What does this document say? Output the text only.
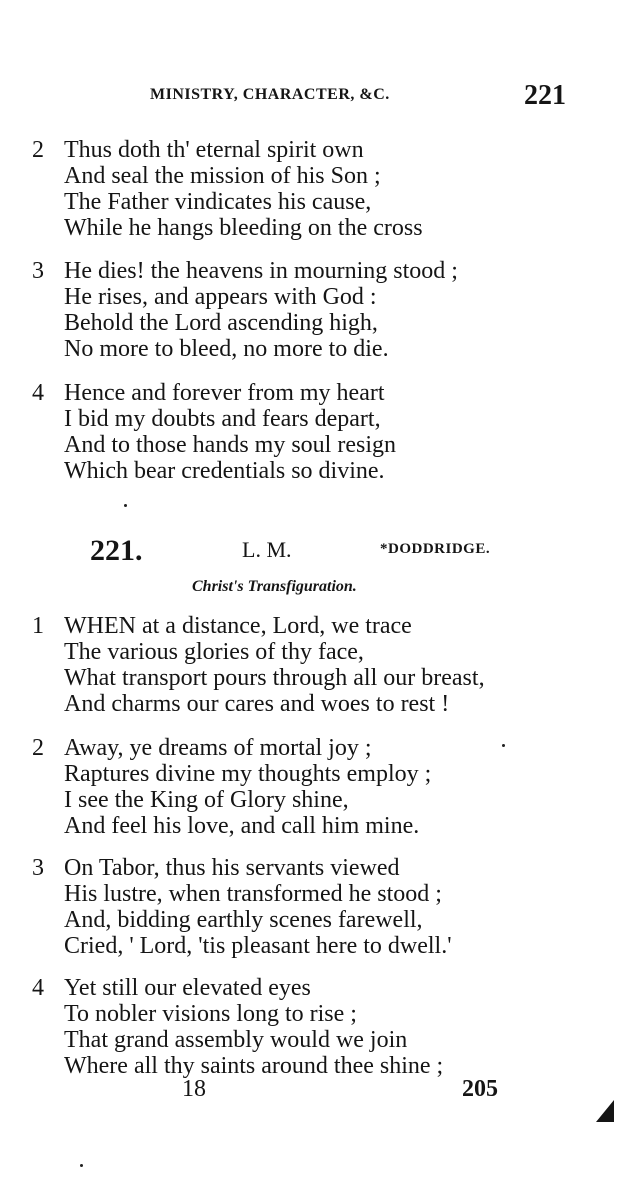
MINISTRY, CHARACTER, &C.	221
2 Thus doth th' eternal spirit own
And seal the mission of his Son ;
The Father vindicates his cause,
While he hangs bleeding on the cross
3 He dies! the heavens in mourning stood ;
He rises, and appears with God :
Behold the Lord ascending high,
No more to bleed, no more to die.
4 Hence and forever from my heart
I bid my doubts and fears depart,
And to those hands my soul resign
Which bear credentials so divine.
221.	L. M.	*DODDRIDGE.
Christ's Transfiguration.
1 WHEN at a distance, Lord, we trace
The various glories of thy face,
What transport pours through all our breast,
And charms our cares and woes to rest !
2 Away, ye dreams of mortal joy ;
Raptures divine my thoughts employ ;
I see the King of Glory shine,
And feel his love, and call him mine.
3 On Tabor, thus his servants viewed
His lustre, when transformed he stood ;
And, bidding earthly scenes farewell,
Cried, ' Lord, 'tis pleasant here to dwell.'
4 Yet still our elevated eyes
To nobler visions long to rise ;
That grand assembly would we join
Where all thy saints around thee shine ;
18	205
